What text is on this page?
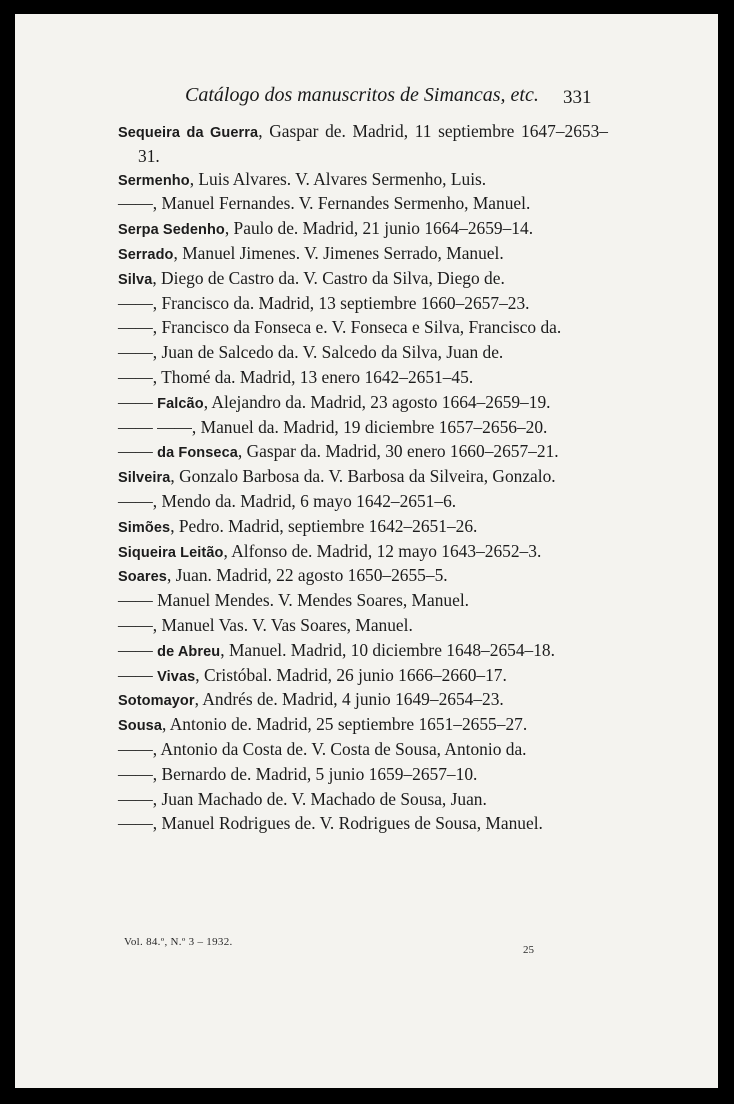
Catálogo dos manuscritos de Simancas, etc. 331
Sequeira da Guerra, Gaspar de. Madrid, 11 septiembre 1647–2653–31.
Sermenho, Luis Alvares. V. Alvares Sermenho, Luis.
——, Manuel Fernandes. V. Fernandes Sermenho, Manuel.
Serpa Sedenho, Paulo de. Madrid, 21 junio 1664–2659–14.
Serrado, Manuel Jimenes. V. Jimenes Serrado, Manuel.
Silva, Diego de Castro da. V. Castro da Silva, Diego de.
——, Francisco da. Madrid, 13 septiembre 1660–2657–23.
——, Francisco da Fonseca e. V. Fonseca e Silva, Francisco da.
——, Juan de Salcedo da. V. Salcedo da Silva, Juan de.
——, Thomé da. Madrid, 13 enero 1642–2651–45.
—— Falcão, Alejandro da. Madrid, 23 agosto 1664–2659–19.
—— ——, Manuel da. Madrid, 19 diciembre 1657–2656–20.
—— da Fonseca, Gaspar da. Madrid, 30 enero 1660–2657–21.
Silveira, Gonzalo Barbosa da. V. Barbosa da Silveira, Gonzalo.
——, Mendo da. Madrid, 6 mayo 1642–2651–6.
Simões, Pedro. Madrid, septiembre 1642–2651–26.
Siqueira Leitão, Alfonso de. Madrid, 12 mayo 1643–2652–3.
Soares, Juan. Madrid, 22 agosto 1650–2655–5.
—— Manuel Mendes. V. Mendes Soares, Manuel.
——, Manuel Vas. V. Vas Soares, Manuel.
—— de Abreu, Manuel. Madrid, 10 diciembre 1648–2654–18.
—— Vivas, Cristóbal. Madrid, 26 junio 1666–2660–17.
Sotomayor, Andrés de. Madrid, 4 junio 1649–2654–23.
Sousa, Antonio de. Madrid, 25 septiembre 1651–2655–27.
——, Antonio da Costa de. V. Costa de Sousa, Antonio da.
——, Bernardo de. Madrid, 5 junio 1659–2657–10.
——, Juan Machado de. V. Machado de Sousa, Juan.
——, Manuel Rodrigues de. V. Rodrigues de Sousa, Manuel.
Vol. 84.º, N.º 3 – 1932.
25
